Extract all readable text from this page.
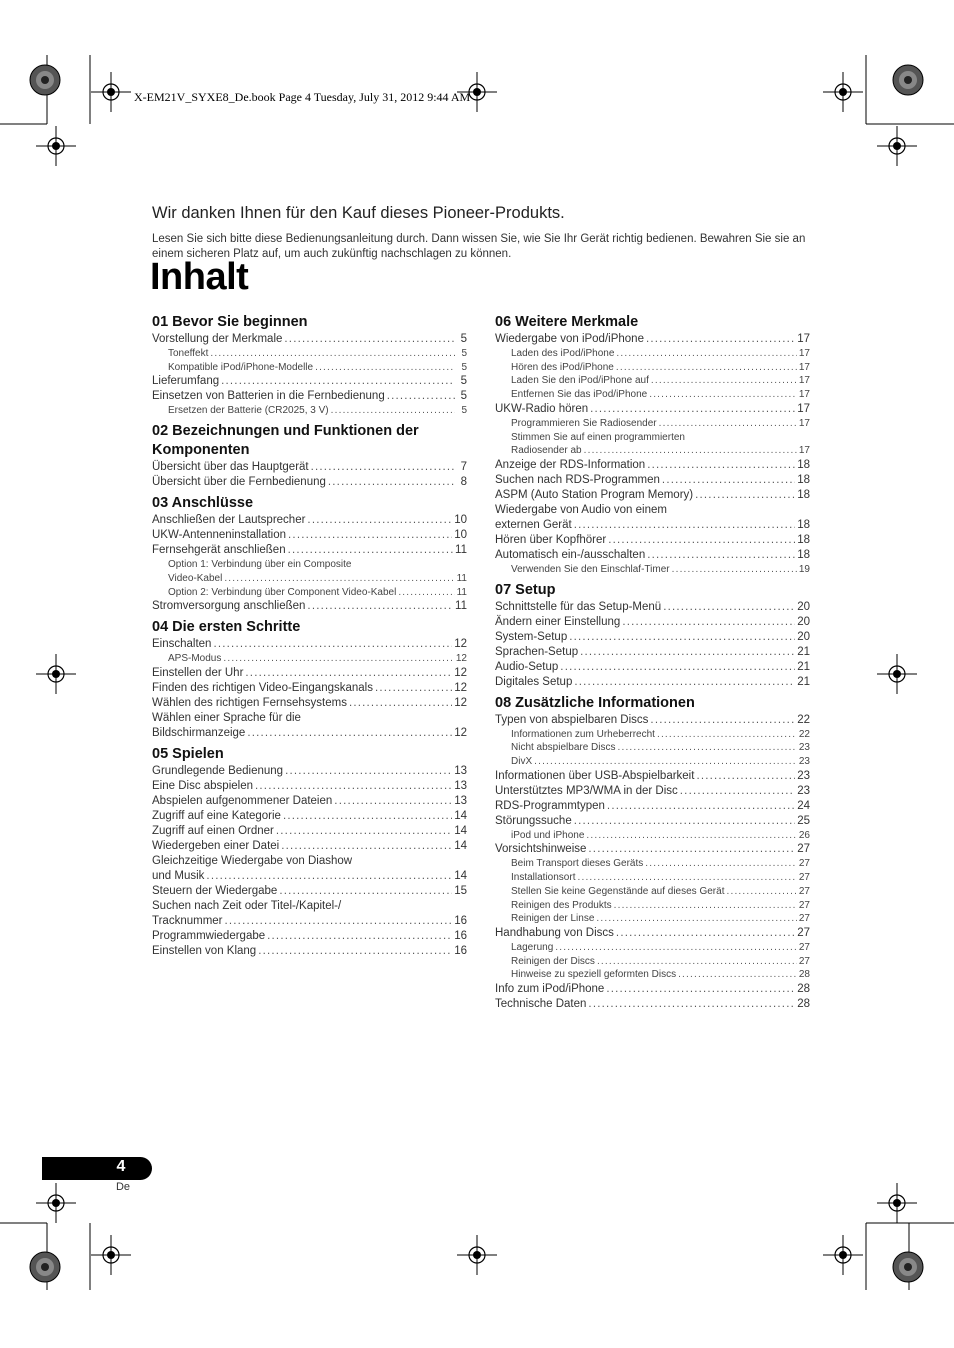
X-EM21V_SYXE8_De.book Page 4 Tuesday, July 31, 2012 9:44 AM
Wir danken Ihnen für den Kauf dieses Pioneer-Produkts.
Lesen Sie sich bitte diese Bedienungsanleitung durch. Dann wissen Sie, wie Sie Ihr Gerät richtig bedienen. Bewahren Sie sie an einem sicheren Platz auf, um auch zukünftig nachschlagen zu können.
Inhalt
01 Bevor Sie beginnen
Vorstellung der Merkmale .....	5
Toneffekt .....	5
Kompatible iPod/iPhone-Modelle .....	5
Lieferumfang .....	5
Einsetzen von Batterien in die Fernbedienung .....	5
Ersetzen der Batterie (CR2025, 3 V) .....	5
02 Bezeichnungen und Funktionen der Komponenten
Übersicht über das Hauptgerät .....	7
Übersicht über die Fernbedienung .....	8
03 Anschlüsse
Anschließen der Lautsprecher .....	10
UKW-Antenneninstallation .....	10
Fernsehgerät anschließen .....	11
Option 1: Verbindung über ein Composite
Video-Kabel .....	11
Option 2: Verbindung über Component Video-Kabel .....	11
Stromversorgung anschließen .....	11
04 Die ersten Schritte
Einschalten .....	12
APS-Modus .....	12
Einstellen der Uhr .....	12
Finden des richtigen Video-Eingangskanals .....	12
Wählen des richtigen Fernsehsystems .....	12
Wählen einer Sprache für die
Bildschirmanzeige .....	12
05 Spielen
Grundlegende Bedienung .....	13
Eine Disc abspielen .....	13
Abspielen aufgenommener Dateien .....	13
Zugriff auf eine Kategorie .....	14
Zugriff auf einen Ordner .....	14
Wiedergeben einer Datei .....	14
Gleichzeitige Wiedergabe von Diashow
und Musik .....	14
Steuern der Wiedergabe .....	15
Suchen nach Zeit oder Titel-/Kapitel-/
Tracknummer .....	16
Programmwiedergabe .....	16
Einstellen von Klang .....	16
06 Weitere Merkmale
Wiedergabe von iPod/iPhone .....	17
Laden des iPod/iPhone .....	17
Hören des iPod/iPhone .....	17
Laden Sie den iPod/iPhone auf .....	17
Entfernen Sie das iPod/iPhone .....	17
UKW-Radio hören .....	17
Programmieren Sie Radiosender .....	17
Stimmen Sie auf einen programmierten
Radiosender ab .....	17
Anzeige der RDS-Information .....	18
Suchen nach RDS-Programmen .....	18
ASPM (Auto Station Program Memory) .....	18
Wiedergabe von Audio von einem
externen Gerät .....	18
Hören über Kopfhörer .....	18
Automatisch ein-/ausschalten .....	18
Verwenden Sie den Einschlaf-Timer .....	19
07 Setup
Schnittstelle für das Setup-Menü .....	20
Ändern einer Einstellung .....	20
System-Setup .....	20
Sprachen-Setup .....	21
Audio-Setup .....	21
Digitales Setup .....	21
08 Zusätzliche Informationen
Typen von abspielbaren Discs .....	22
Informationen zum Urheberrecht .....	22
Nicht abspielbare Discs .....	23
DivX .....	23
Informationen über USB-Abspielbarkeit .....	23
Unterstütztes MP3/WMA in der Disc .....	23
RDS-Programmtypen .....	24
Störungssuche .....	25
iPod und iPhone .....	26
Vorsichtshinweise .....	27
Beim Transport dieses Geräts .....	27
Installationsort .....	27
Stellen Sie keine Gegenstände auf dieses Gerät .....	27
Reinigen des Produkts .....	27
Reinigen der Linse .....	27
Handhabung von Discs .....	27
Lagerung .....	27
Reinigen der Discs .....	27
Hinweise zu speziell geformten Discs .....	28
Info zum iPod/iPhone .....	28
Technische Daten .....	28
4
De
